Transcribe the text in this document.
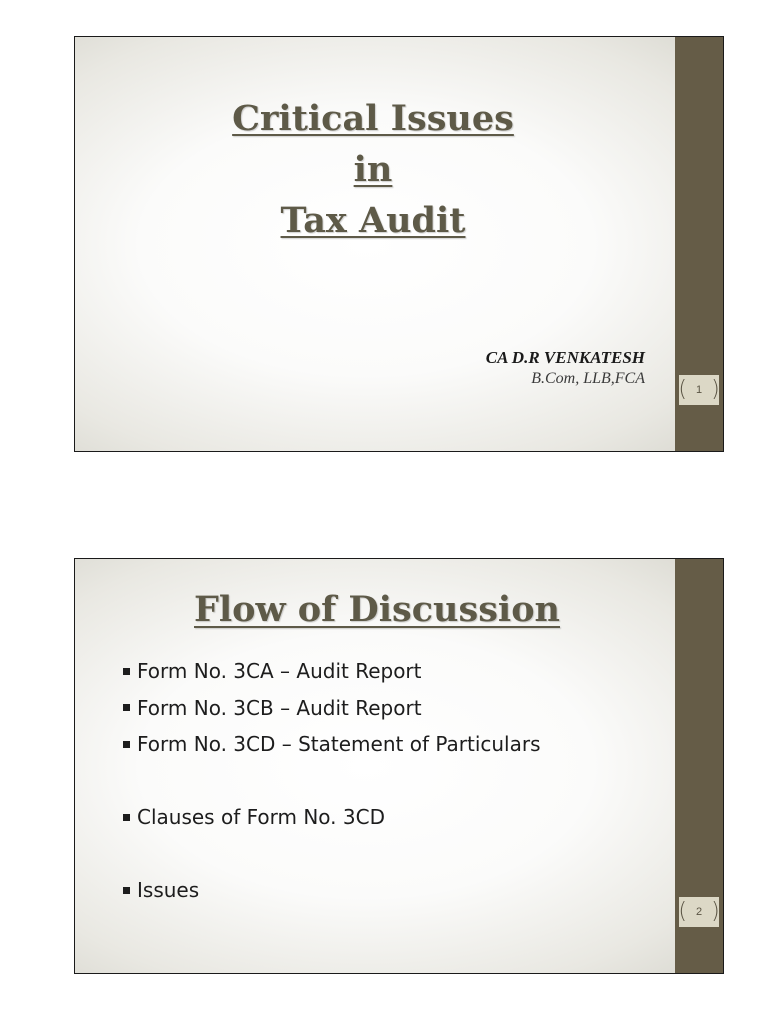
Critical Issues
in
Tax Audit
CA D.R VENKATESH
B.Com, LLB,FCA ( 1 )
Flow of Discussion
Form No. 3CA – Audit Report
Form No. 3CB – Audit Report
Form No. 3CD – Statement of Particulars
Clauses of Form No. 3CD
Issues
( 2 )
